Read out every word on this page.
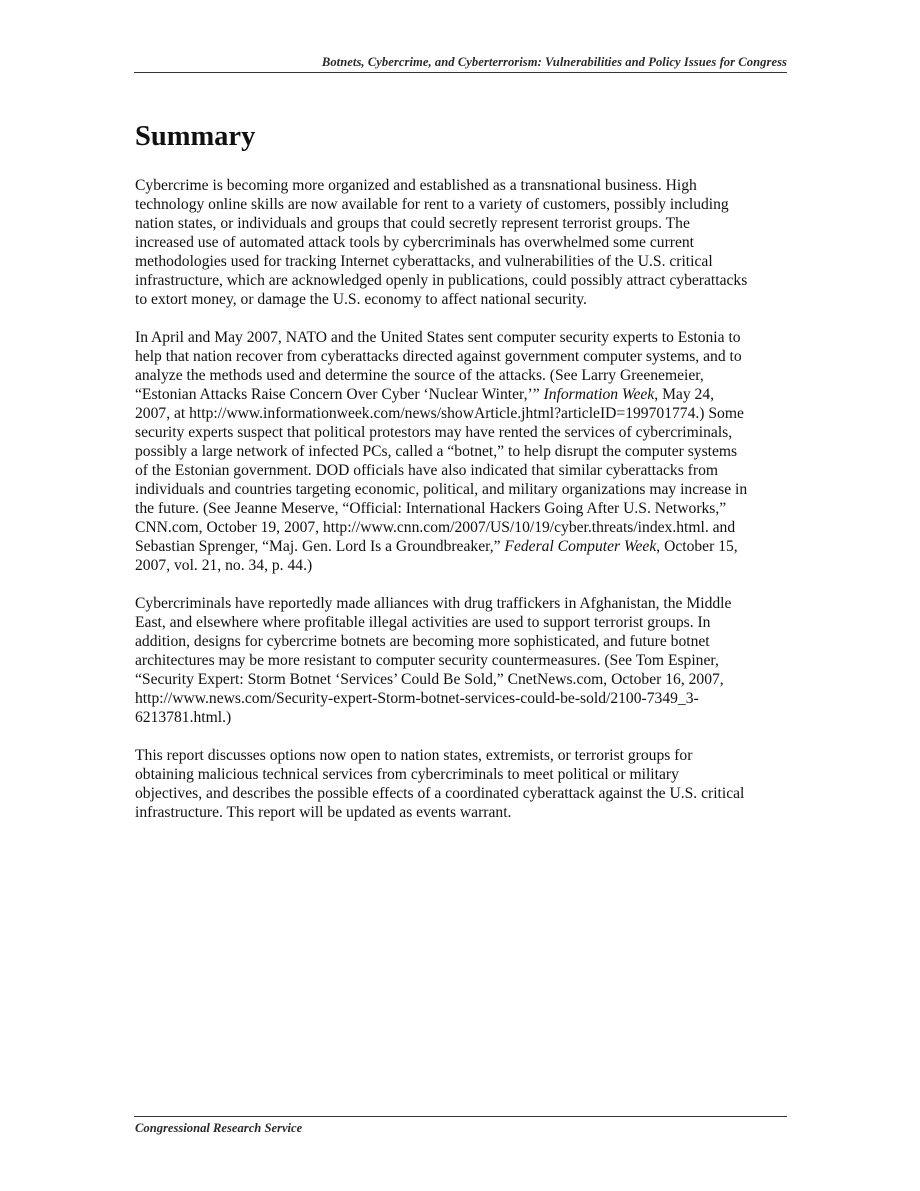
Botnets, Cybercrime, and Cyberterrorism: Vulnerabilities and Policy Issues for Congress
Summary

Cybercrime is becoming more organized and established as a transnational business. High
technology online skills are now available for rent to a variety of customers, possibly including
nation states, or individuals and groups that could secretly represent terrorist groups. The
increased use of automated attack tools by cybercriminals has overwhelmed some current
methodologies used for tracking Internet cyberattacks, and vulnerabilities of the U.S. critical
infrastructure, which are acknowledged openly in publications, could possibly attract cyberattacks
to extort money, or damage the U.S. economy to affect national security.

In April and May 2007, NATO and the United States sent computer security experts to Estonia to
help that nation recover from cyberattacks directed against government computer systems, and to
analyze the methods used and determine the source of the attacks. (See Larry Greenemeier,
“Estonian Attacks Raise Concern Over Cyber ‘Nuclear Winter,’” Information Week, May 24,
2007, at http://www.informationweek.com/news/showArticle.jhtml?articleID=199701774.) Some
security experts suspect that political protestors may have rented the services of cybercriminals,
possibly a large network of infected PCs, called a “botnet,” to help disrupt the computer systems
of the Estonian government. DOD officials have also indicated that similar cyberattacks from
individuals and countries targeting economic, political, and military organizations may increase in
the future. (See Jeanne Meserve, “Official: International Hackers Going After U.S. Networks,”
CNN.com, October 19, 2007, http://www.cnn.com/2007/US/10/19/cyber.threats/index.html. and
Sebastian Sprenger, “Maj. Gen. Lord Is a Groundbreaker,” Federal Computer Week, October 15,
2007, vol. 21, no. 34, p. 44.)

Cybercriminals have reportedly made alliances with drug traffickers in Afghanistan, the Middle
East, and elsewhere where profitable illegal activities are used to support terrorist groups. In
addition, designs for cybercrime botnets are becoming more sophisticated, and future botnet
architectures may be more resistant to computer security countermeasures. (See Tom Espiner,
“Security Expert: Storm Botnet ‘Services’ Could Be Sold,” CnetNews.com, October 16, 2007,
http://www.news.com/Security-expert-Storm-botnet-services-could-be-sold/2100-7349_3-
6213781.html.)

This report discusses options now open to nation states, extremists, or terrorist groups for
obtaining malicious technical services from cybercriminals to meet political or military
objectives, and describes the possible effects of a coordinated cyberattack against the U.S. critical
infrastructure. This report will be updated as events warrant.

Congressional Research Service
